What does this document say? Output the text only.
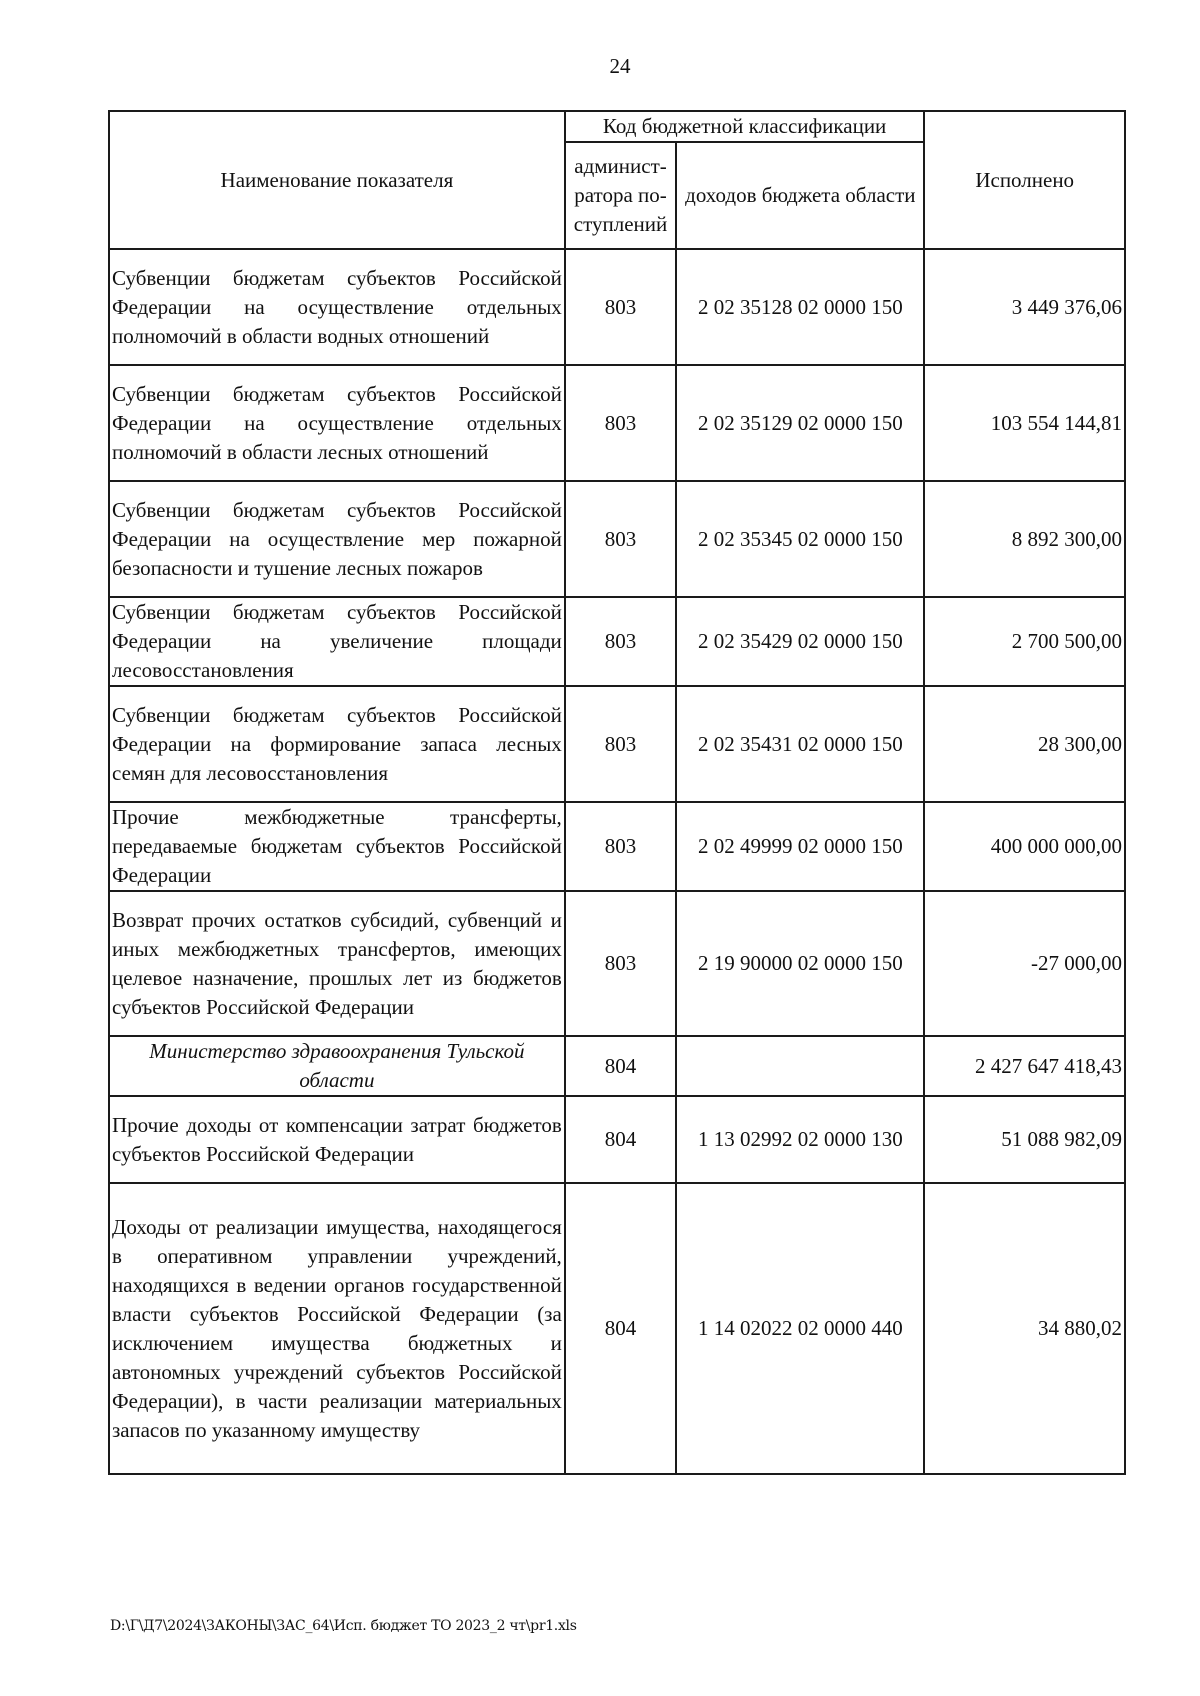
24
Наименование показателя	Код бюджетной классификации		Исполнено
	админист-ратора по-ступлений	доходов бюджета области	
Субвенции бюджетам субъектов Российской Федерации на осуществление отдельных полномочий в области водных отношений	803	2 02 35128 02 0000 150	3 449 376,06
Субвенции бюджетам субъектов Российской Федерации на осуществление отдельных полномочий в области лесных отношений	803	2 02 35129 02 0000 150	103 554 144,81
Субвенции бюджетам субъектов Российской Федерации на осуществление мер пожарной безопасности и тушение лесных пожаров	803	2 02 35345 02 0000 150	8 892 300,00
Субвенции бюджетам субъектов Российской Федерации на увеличение площади лесовосстановления	803	2 02 35429 02 0000 150	2 700 500,00
Субвенции бюджетам субъектов Российской Федерации на формирование запаса лесных семян для лесовосстановления	803	2 02 35431 02 0000 150	28 300,00
Прочие межбюджетные трансферты, передаваемые бюджетам субъектов Российской Федерации	803	2 02 49999 02 0000 150	400 000 000,00
Возврат прочих остатков субсидий, субвенций и иных межбюджетных трансфертов, имеющих целевое назначение, прошлых лет из бюджетов субъектов Российской Федерации	803	2 19 90000 02 0000 150	-27 000,00
Министерство здравоохранения Тульской области	804		2 427 647 418,43
Прочие доходы от компенсации затрат бюджетов субъектов Российской Федерации	804	1 13 02992 02 0000 130	51 088 982,09
Доходы от реализации имущества, находящегося в оперативном управлении учреждений, находящихся в ведении органов государственной власти субъектов Российской Федерации (за исключением имущества бюджетных и автономных учреждений субъектов Российской Федерации), в части реализации материальных запасов по указанному имуществу	804	1 14 02022 02 0000 440	34 880,02
D:\Г\Д7\2024\ЗАКОНЫ\ЗАС_64\Исп. бюджет ТО 2023_2 чт\pr1.xls
